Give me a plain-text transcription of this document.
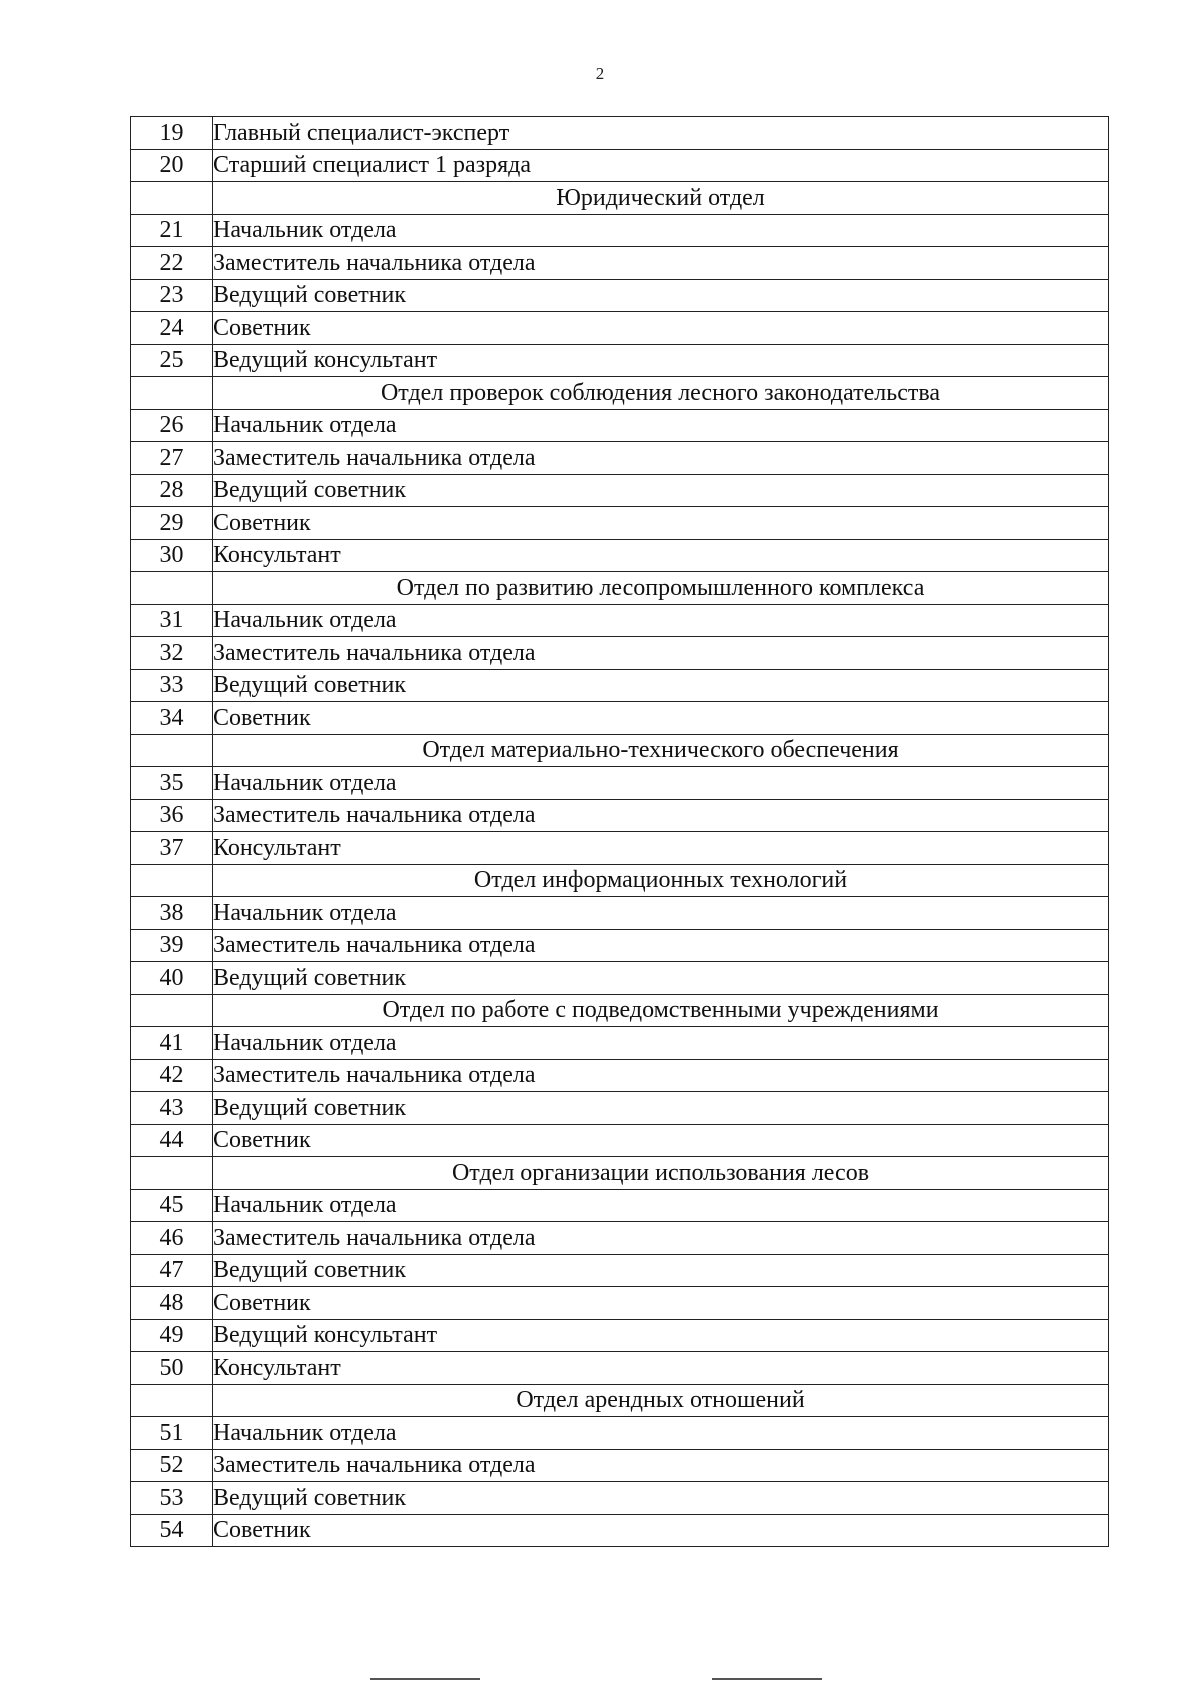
2
19	Главный специалист-эксперт
20	Старший специалист 1 разряда
	Юридический отдел
21	Начальник отдела
22	Заместитель начальника отдела
23	Ведущий советник
24	Советник
25	Ведущий консультант
	Отдел проверок соблюдения лесного законодательства
26	Начальник отдела
27	Заместитель начальника отдела
28	Ведущий советник
29	Советник
30	Консультант
	Отдел по развитию лесопромышленного комплекса
31	Начальник отдела
32	Заместитель начальника отдела
33	Ведущий советник
34	Советник
	Отдел материально-технического обеспечения
35	Начальник отдела
36	Заместитель начальника отдела
37	Консультант
	Отдел информационных технологий
38	Начальник отдела
39	Заместитель начальника отдела
40	Ведущий советник
	Отдел по работе с подведомственными учреждениями
41	Начальник отдела
42	Заместитель начальника отдела
43	Ведущий советник
44	Советник
	Отдел организации использования лесов
45	Начальник отдела
46	Заместитель начальника отдела
47	Ведущий советник
48	Советник
49	Ведущий консультант
50	Консультант
	Отдел арендных отношений
51	Начальник отдела
52	Заместитель начальника отдела
53	Ведущий советник
54	Советник
